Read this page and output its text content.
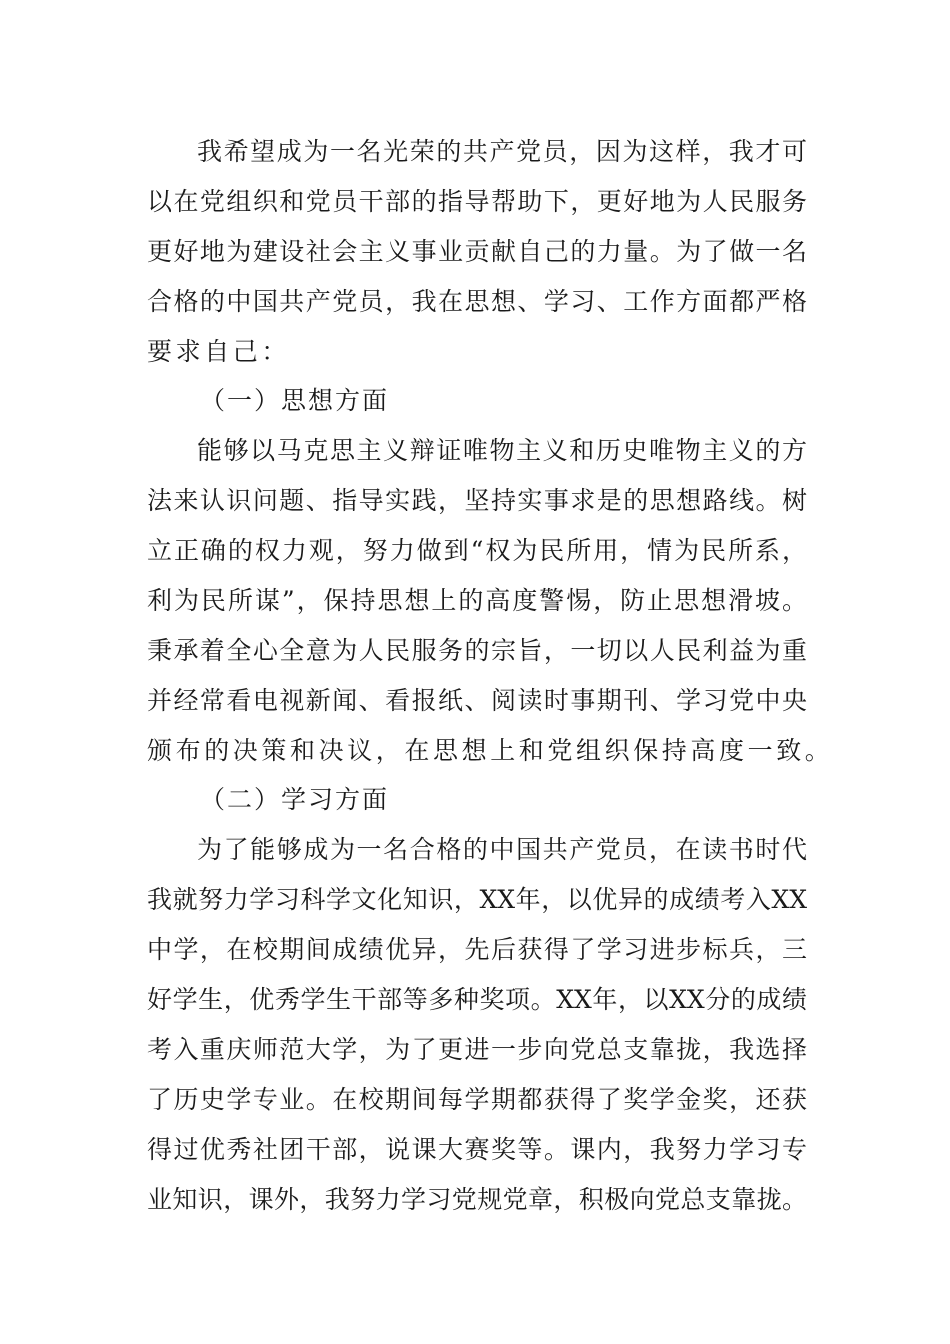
我希望成为一名光荣的共产党员，因为这样，我才可
以在党组织和党员干部的指导帮助下，更好地为人民服务
更好地为建设社会主义事业贡献自己的力量。为了做一名
合格的中国共产党员，我在思想、学习、工作方面都严格
要求自己：
（一）思想方面
能够以马克思主义辩证唯物主义和历史唯物主义的方
法来认识问题、指导实践，坚持实事求是的思想路线。树
立正确的权力观，努力做到“权为民所用，情为民所系，
利为民所谋”，保持思想上的高度警惕，防止思想滑坡。
秉承着全心全意为人民服务的宗旨，一切以人民利益为重
并经常看电视新闻、看报纸、阅读时事期刊、学习党中央
颁布的决策和决议，在思想上和党组织保持高度一致。
（二）学习方面
为了能够成为一名合格的中国共产党员，在读书时代
我就努力学习科学文化知识，XX年，以优异的成绩考入XX
中学，在校期间成绩优异，先后获得了学习进步标兵，三
好学生，优秀学生干部等多种奖项。XX年，以XX分的成绩
考入重庆师范大学，为了更进一步向党总支靠拢，我选择
了历史学专业。在校期间每学期都获得了奖学金奖，还获
得过优秀社团干部，说课大赛奖等。课内，我努力学习专
业知识，课外，我努力学习党规党章，积极向党总支靠拢。
